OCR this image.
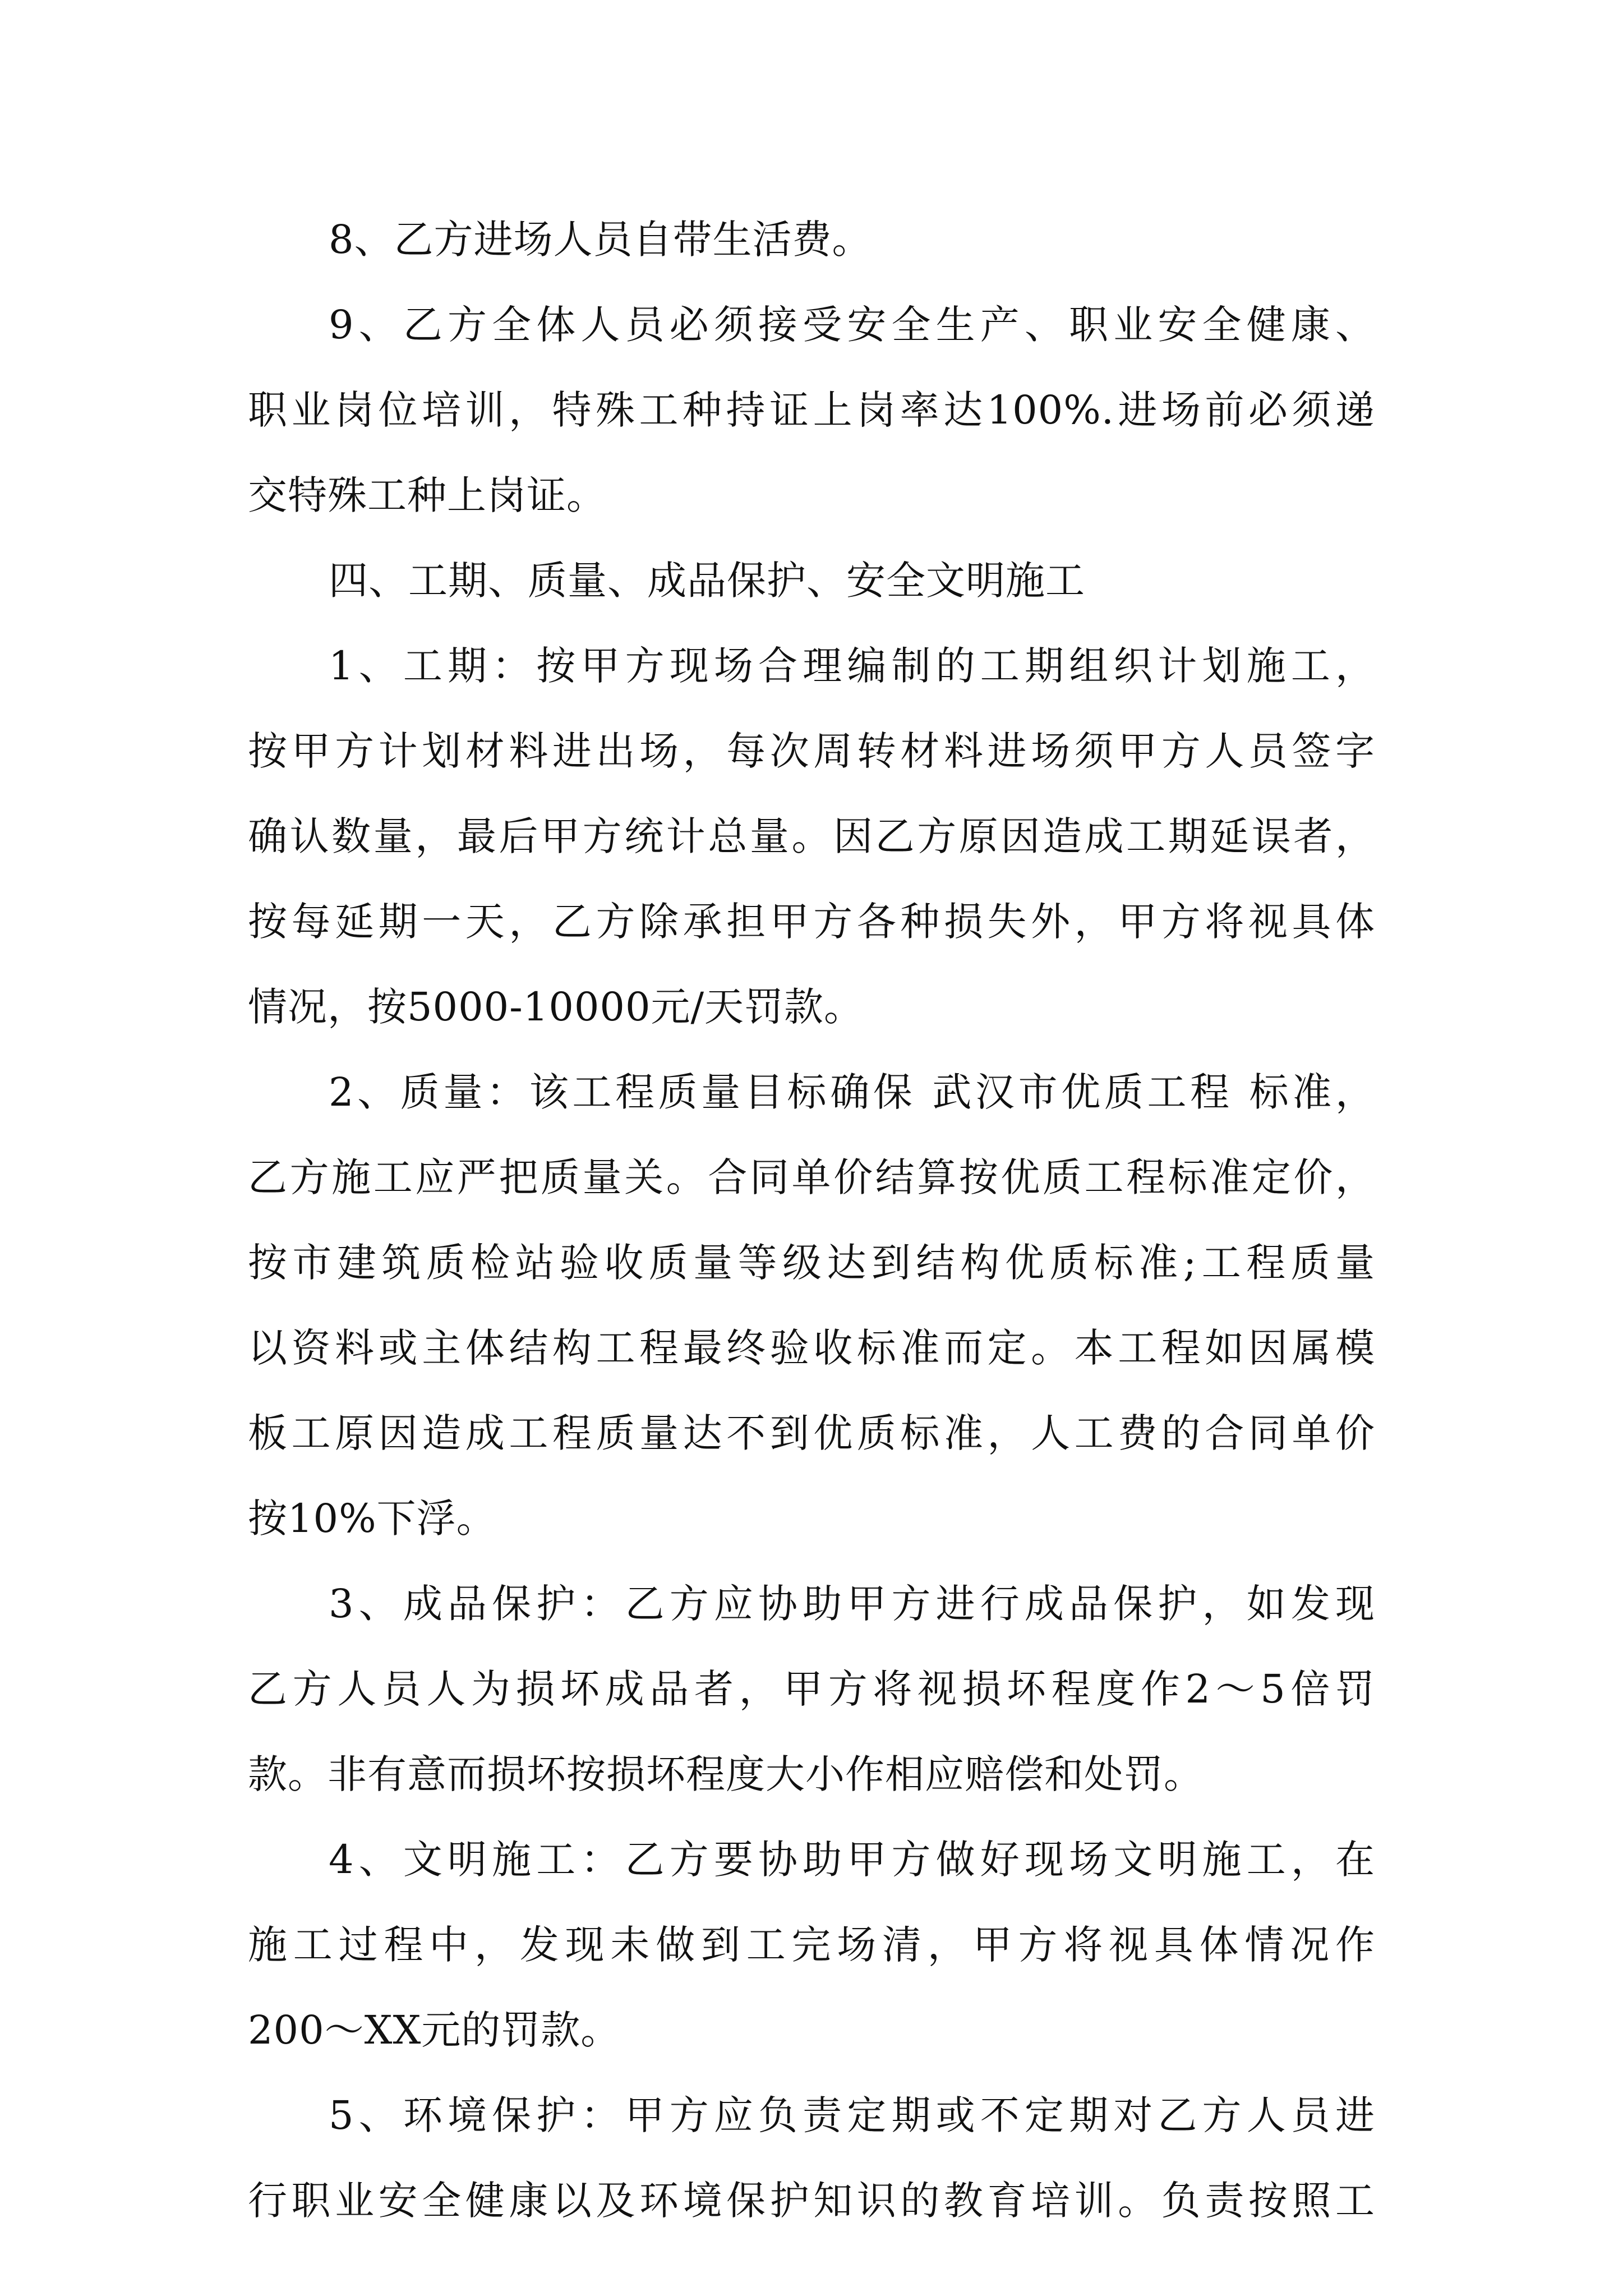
8、乙方进场人员自带生活费。
9、乙方全体人员必须接受安全生产、职业安全健康、
职业岗位培训，特殊工种持证上岗率达100%.进场前必须递
交特殊工种上岗证。
四、工期、质量、成品保护、安全文明施工
1、工期：按甲方现场合理编制的工期组织计划施工，
按甲方计划材料进出场，每次周转材料进场须甲方人员签字
确认数量，最后甲方统计总量。因乙方原因造成工期延误者，
按每延期一天，乙方除承担甲方各种损失外，甲方将视具体
情况，按5000-10000元/天罚款。
2、质量：该工程质量目标确保 武汉市优质工程 标准，
乙方施工应严把质量关。合同单价结算按优质工程标准定价，
按市建筑质检站验收质量等级达到结构优质标准;工程质量
以资料或主体结构工程最终验收标准而定。本工程如因属模
板工原因造成工程质量达不到优质标准，人工费的合同单价
按10%下浮。
3、成品保护：乙方应协助甲方进行成品保护，如发现
乙方人员人为损坏成品者，甲方将视损坏程度作2～5倍罚
款。非有意而损坏按损坏程度大小作相应赔偿和处罚。
4、文明施工：乙方要协助甲方做好现场文明施工，在
施工过程中，发现未做到工完场清，甲方将视具体情况作
200～XX元的罚款。
5、环境保护：甲方应负责定期或不定期对乙方人员进
行职业安全健康以及环境保护知识的教育培训。负责按照工
